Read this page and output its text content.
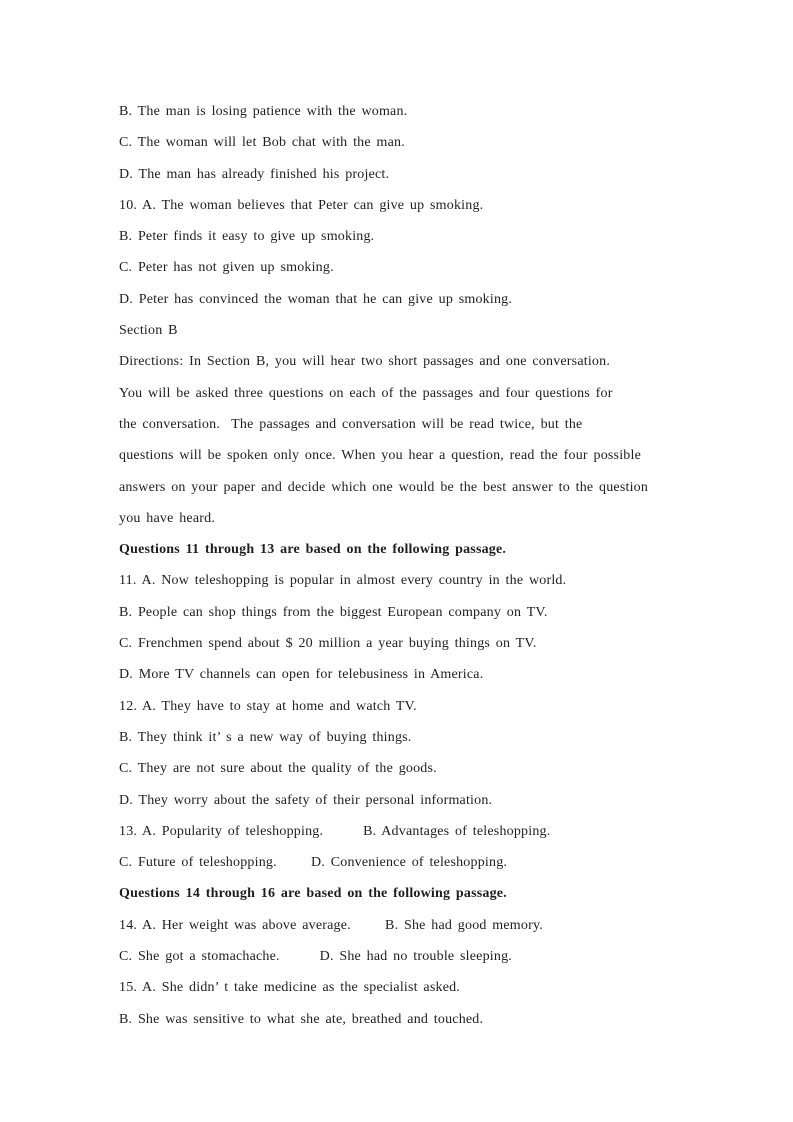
B. The man is losing patience with the woman.
C. The woman will let Bob chat with the man.
D. The man has already finished his project.
10. A. The woman believes that Peter can give up smoking.
B. Peter finds it easy to give up smoking.
C. Peter has not given up smoking.
D. Peter has convinced the woman that he can give up smoking.
Section B
Directions: In Section B, you will hear two short passages and one conversation.
You will be asked three questions on each of the passages and four questions for
the conversation.  The passages and conversation will be read twice, but the
questions will be spoken only once. When you hear a question, read the four possible
answers on your paper and decide which one would be the best answer to the question
you have heard.
Questions 11 through 13 are based on the following passage.
11. A. Now teleshopping is popular in almost every country in the world.
B. People can shop things from the biggest European company on TV.
C. Frenchmen spend about $ 20 million a year buying things on TV.
D. More TV channels can open for telebusiness in America.
12. A. They have to stay at home and watch TV.
B. They think it’ s a new way of buying things.
C. They are not sure about the quality of the goods.
D. They worry about the safety of their personal information.
13. A. Popularity of teleshopping.       B. Advantages of teleshopping.
C. Future of teleshopping.      D. Convenience of teleshopping.
Questions 14 through 16 are based on the following passage.
14. A. Her weight was above average.      B. She had good memory.
C. She got a stomachache.       D. She had no trouble sleeping.
15. A. She didn’ t take medicine as the specialist asked.
B. She was sensitive to what she ate, breathed and touched.
